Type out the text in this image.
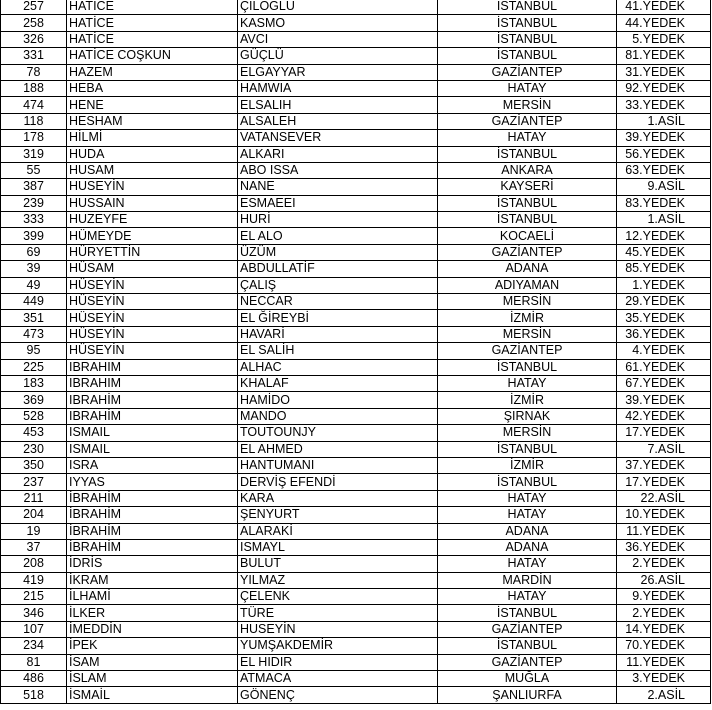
257	HATİCE	ÇİLOĞLU	İSTANBUL	41.YEDEK
258	HATİCE	KASMO	İSTANBUL	44.YEDEK
326	HATİCE	AVCI	İSTANBUL	5.YEDEK
331	HATİCE COŞKUN	GÜÇLÜ	İSTANBUL	81.YEDEK
78	HAZEM	ELGAYYAR	GAZİANTEP	31.YEDEK
188	HEBA	HAMWIA	HATAY	92.YEDEK
474	HENE	ELSALIH	MERSİN	33.YEDEK
118	HESHAM	ALSALEH	GAZİANTEP	1.ASİL
178	HİLMİ	VATANSEVER	HATAY	39.YEDEK
319	HUDA	ALKARI	İSTANBUL	56.YEDEK
55	HUSAM	ABO ISSA	ANKARA	63.YEDEK
387	HUSEYİN	NANE	KAYSERİ	9.ASİL
239	HUSSAIN	ESMAEEI	İSTANBUL	83.YEDEK
333	HUZEYFE	HURİ	İSTANBUL	1.ASİL
399	HÜMEYDE	EL ALO	KOCAELİ	12.YEDEK
69	HÜRYETTİN	ÜZÜM	GAZİANTEP	45.YEDEK
39	HÜSAM	ABDULLATİF	ADANA	85.YEDEK
49	HÜSEYİN	ÇALIŞ	ADIYAMAN	1.YEDEK
449	HÜSEYİN	NECCAR	MERSİN	29.YEDEK
351	HÜSEYİN	EL ĞİREYBİ	İZMİR	35.YEDEK
473	HÜSEYİN	HAVARİ	MERSİN	36.YEDEK
95	HÜSEYİN	EL SALİH	GAZİANTEP	4.YEDEK
225	IBRAHIM	ALHAC	İSTANBUL	61.YEDEK
183	IBRAHIM	KHALAF	HATAY	67.YEDEK
369	IBRAHİM	HAMİDO	İZMİR	39.YEDEK
528	IBRAHİM	MANDO	ŞIRNAK	42.YEDEK
453	ISMAIL	TOUTOUNJY	MERSİN	17.YEDEK
230	ISMAIL	EL AHMED	İSTANBUL	7.ASİL
350	ISRA	HANTUMANI	İZMİR	37.YEDEK
237	IYYAS	DERVİŞ EFENDİ	İSTANBUL	17.YEDEK
211	İBRAHİM	KARA	HATAY	22.ASİL
204	İBRAHİM	ŞENYURT	HATAY	10.YEDEK
19	İBRAHİM	ALARAKİ	ADANA	11.YEDEK
37	İBRAHİM	ISMAYL	ADANA	36.YEDEK
208	İDRİS	BULUT	HATAY	2.YEDEK
419	İKRAM	YILMAZ	MARDİN	26.ASİL
215	İLHAMİ	ÇELENK	HATAY	9.YEDEK
346	İLKER	TÜRE	İSTANBUL	2.YEDEK
107	İMEDDİN	HUSEYİN	GAZİANTEP	14.YEDEK
234	İPEK	YUMŞAKDEMİR	İSTANBUL	70.YEDEK
81	İSAM	EL HIDIR	GAZİANTEP	11.YEDEK
486	İSLAM	ATMACA	MUĞLA	3.YEDEK
518	İSMAİL	GÖNENÇ	ŞANLIURFA	2.ASİL
